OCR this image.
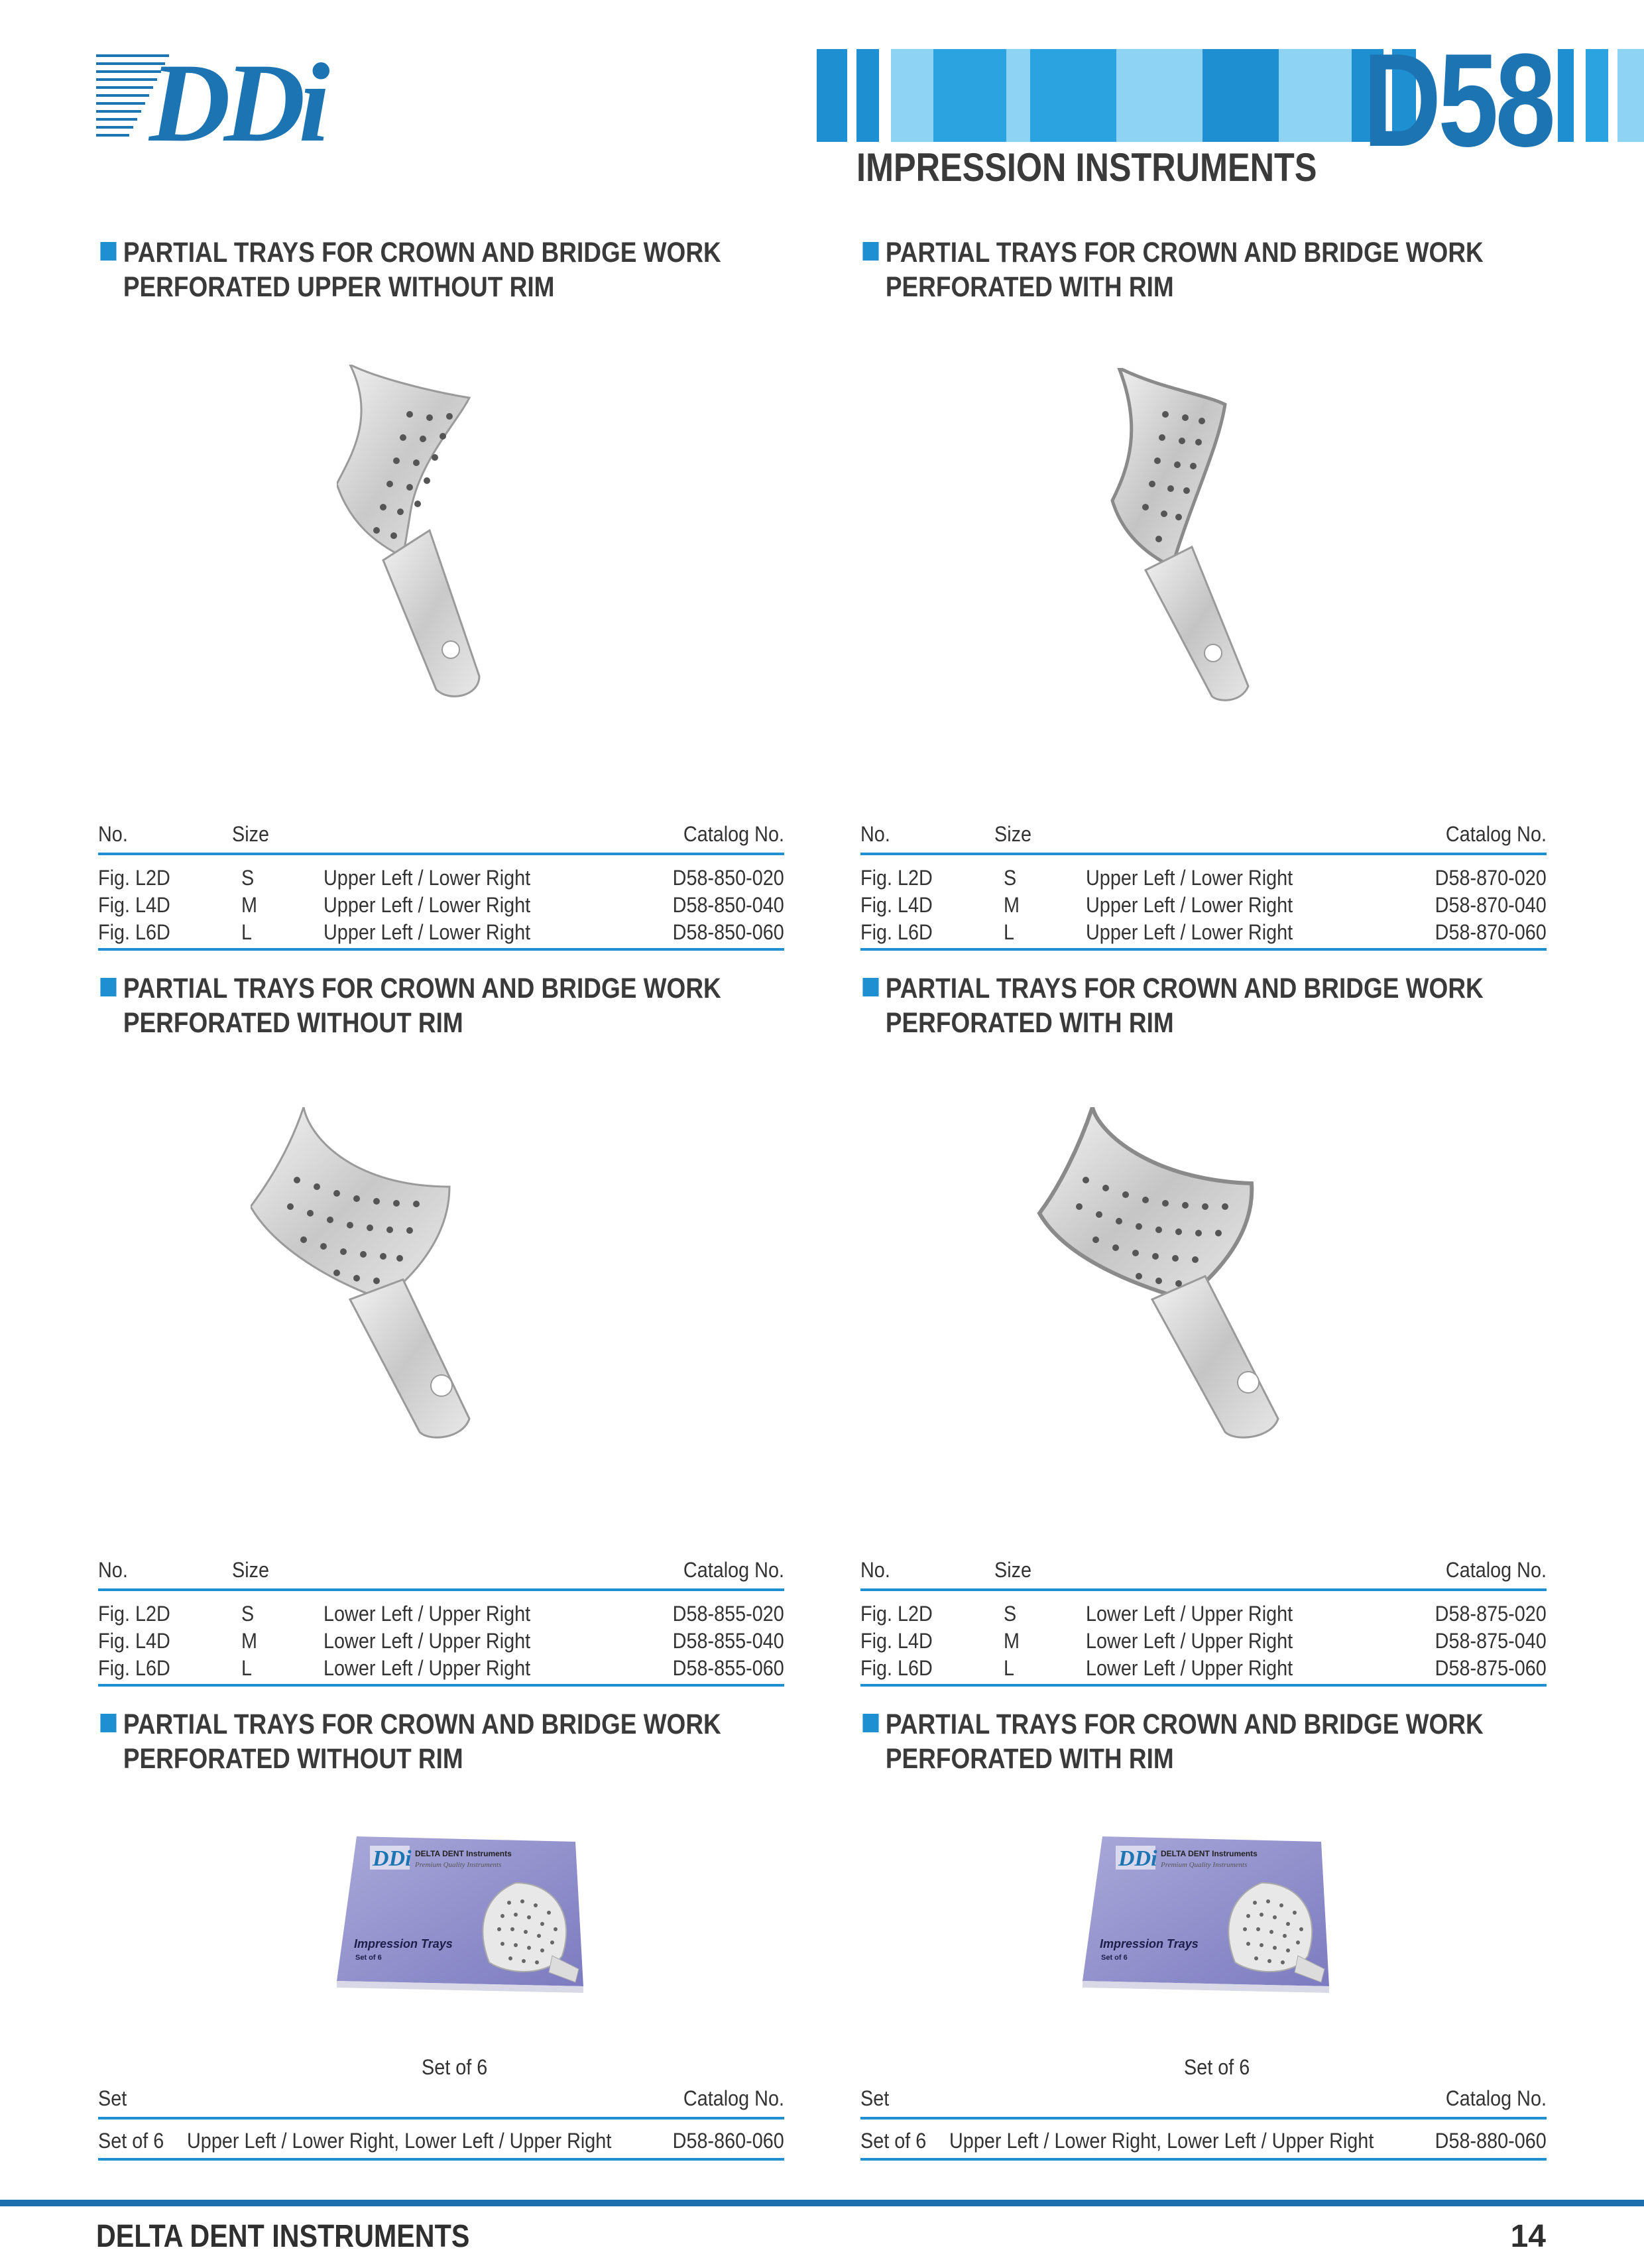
DDi	D58
IMPRESSION INSTRUMENTS
PARTIAL TRAYS FOR CROWN AND BRIDGE WORK
PERFORATED UPPER WITHOUT RIM
No.	Size	Catalog No.
Fig. L2D	S	Upper Left / Lower Right	D58-850-020
Fig. L4D	M	Upper Left / Lower Right	D58-850-040
Fig. L6D	L	Upper Left / Lower Right	D58-850-060
PARTIAL TRAYS FOR CROWN AND BRIDGE WORK
PERFORATED WITH RIM
No.	Size	Catalog No.
Fig. L2D	S	Upper Left / Lower Right	D58-870-020
Fig. L4D	M	Upper Left / Lower Right	D58-870-040
Fig. L6D	L	Upper Left / Lower Right	D58-870-060
PARTIAL TRAYS FOR CROWN AND BRIDGE WORK
PERFORATED WITHOUT RIM
No.	Size	Catalog No.
Fig. L2D	S	Lower Left / Upper Right	D58-855-020
Fig. L4D	M	Lower Left / Upper Right	D58-855-040
Fig. L6D	L	Lower Left / Upper Right	D58-855-060
PARTIAL TRAYS FOR CROWN AND BRIDGE WORK
PERFORATED WITH RIM
No.	Size	Catalog No.
Fig. L2D	S	Lower Left / Upper Right	D58-875-020
Fig. L4D	M	Lower Left / Upper Right	D58-875-040
Fig. L6D	L	Lower Left / Upper Right	D58-875-060
PARTIAL TRAYS FOR CROWN AND BRIDGE WORK
PERFORATED WITHOUT RIM
DDi DELTA DENT Instruments
Premium Quality Instruments
Impression Trays
Set of 6
Set of 6
Set	Catalog No.
Set of 6 Upper Left / Lower Right, Lower Left / Upper Right	D58-860-060
PARTIAL TRAYS FOR CROWN AND BRIDGE WORK
PERFORATED WITH RIM
DDi DELTA DENT Instruments
Premium Quality Instruments
Impression Trays
Set of 6
Set of 6
Set	Catalog No.
Set of 6 Upper Left / Lower Right, Lower Left / Upper Right	D58-880-060
DELTA DENT INSTRUMENTS	14
